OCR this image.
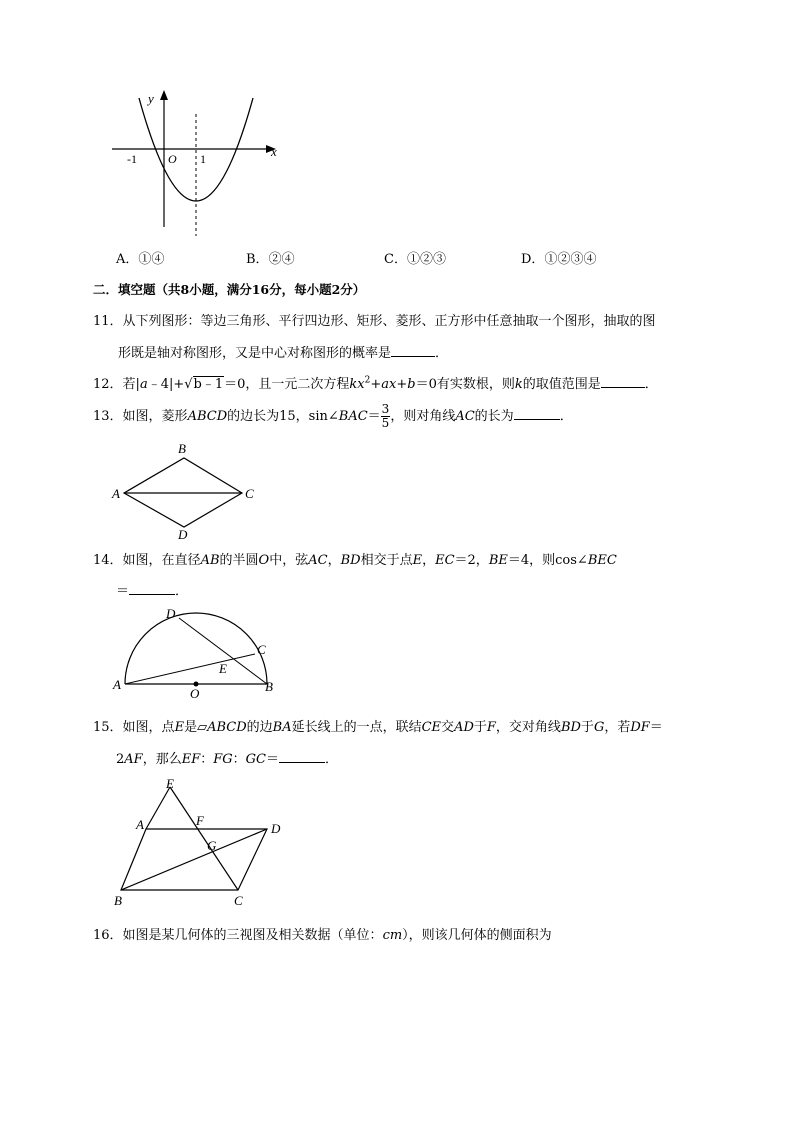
y
x
O
-1	1
A．①④	B．②④	C．①②③	D．①②③④
二．填空题（共8小题，满分16分，每小题2分）
11．从下列图形：等边三角形、平行四边形、矩形、菱形、正方形中任意抽取一个图形，抽取的图
形既是轴对称图形，又是中心对称图形的概率是	．
12．若|a﹣4|+√b﹣1＝0，且一元二次方程$kx^2+ax+b=0$有实数根，则k的取值范围是	．
13．如图，菱形ABCD的边长为15，sin∠BAC＝ $\frac{3}{5}$ ，则对角线AC的长为	．
A
B
C
D
14．如图，在直径AB的半圆O中，弦AC，BD相交于点E，EC＝2，BE＝4，则cos∠BEC
＝	．
A	B
C
D
E
O
15．如图，点E是▱ABCD的边BA延长线上的一点，联结CE交AD于F，交对角线BD于G，若DF＝
2AF，那么EF：FG：GC＝	．
E
A	F
D
G
B	C
16．如图是某几何体的三视图及相关数据（单位：cm），则该几何体的侧面积为
